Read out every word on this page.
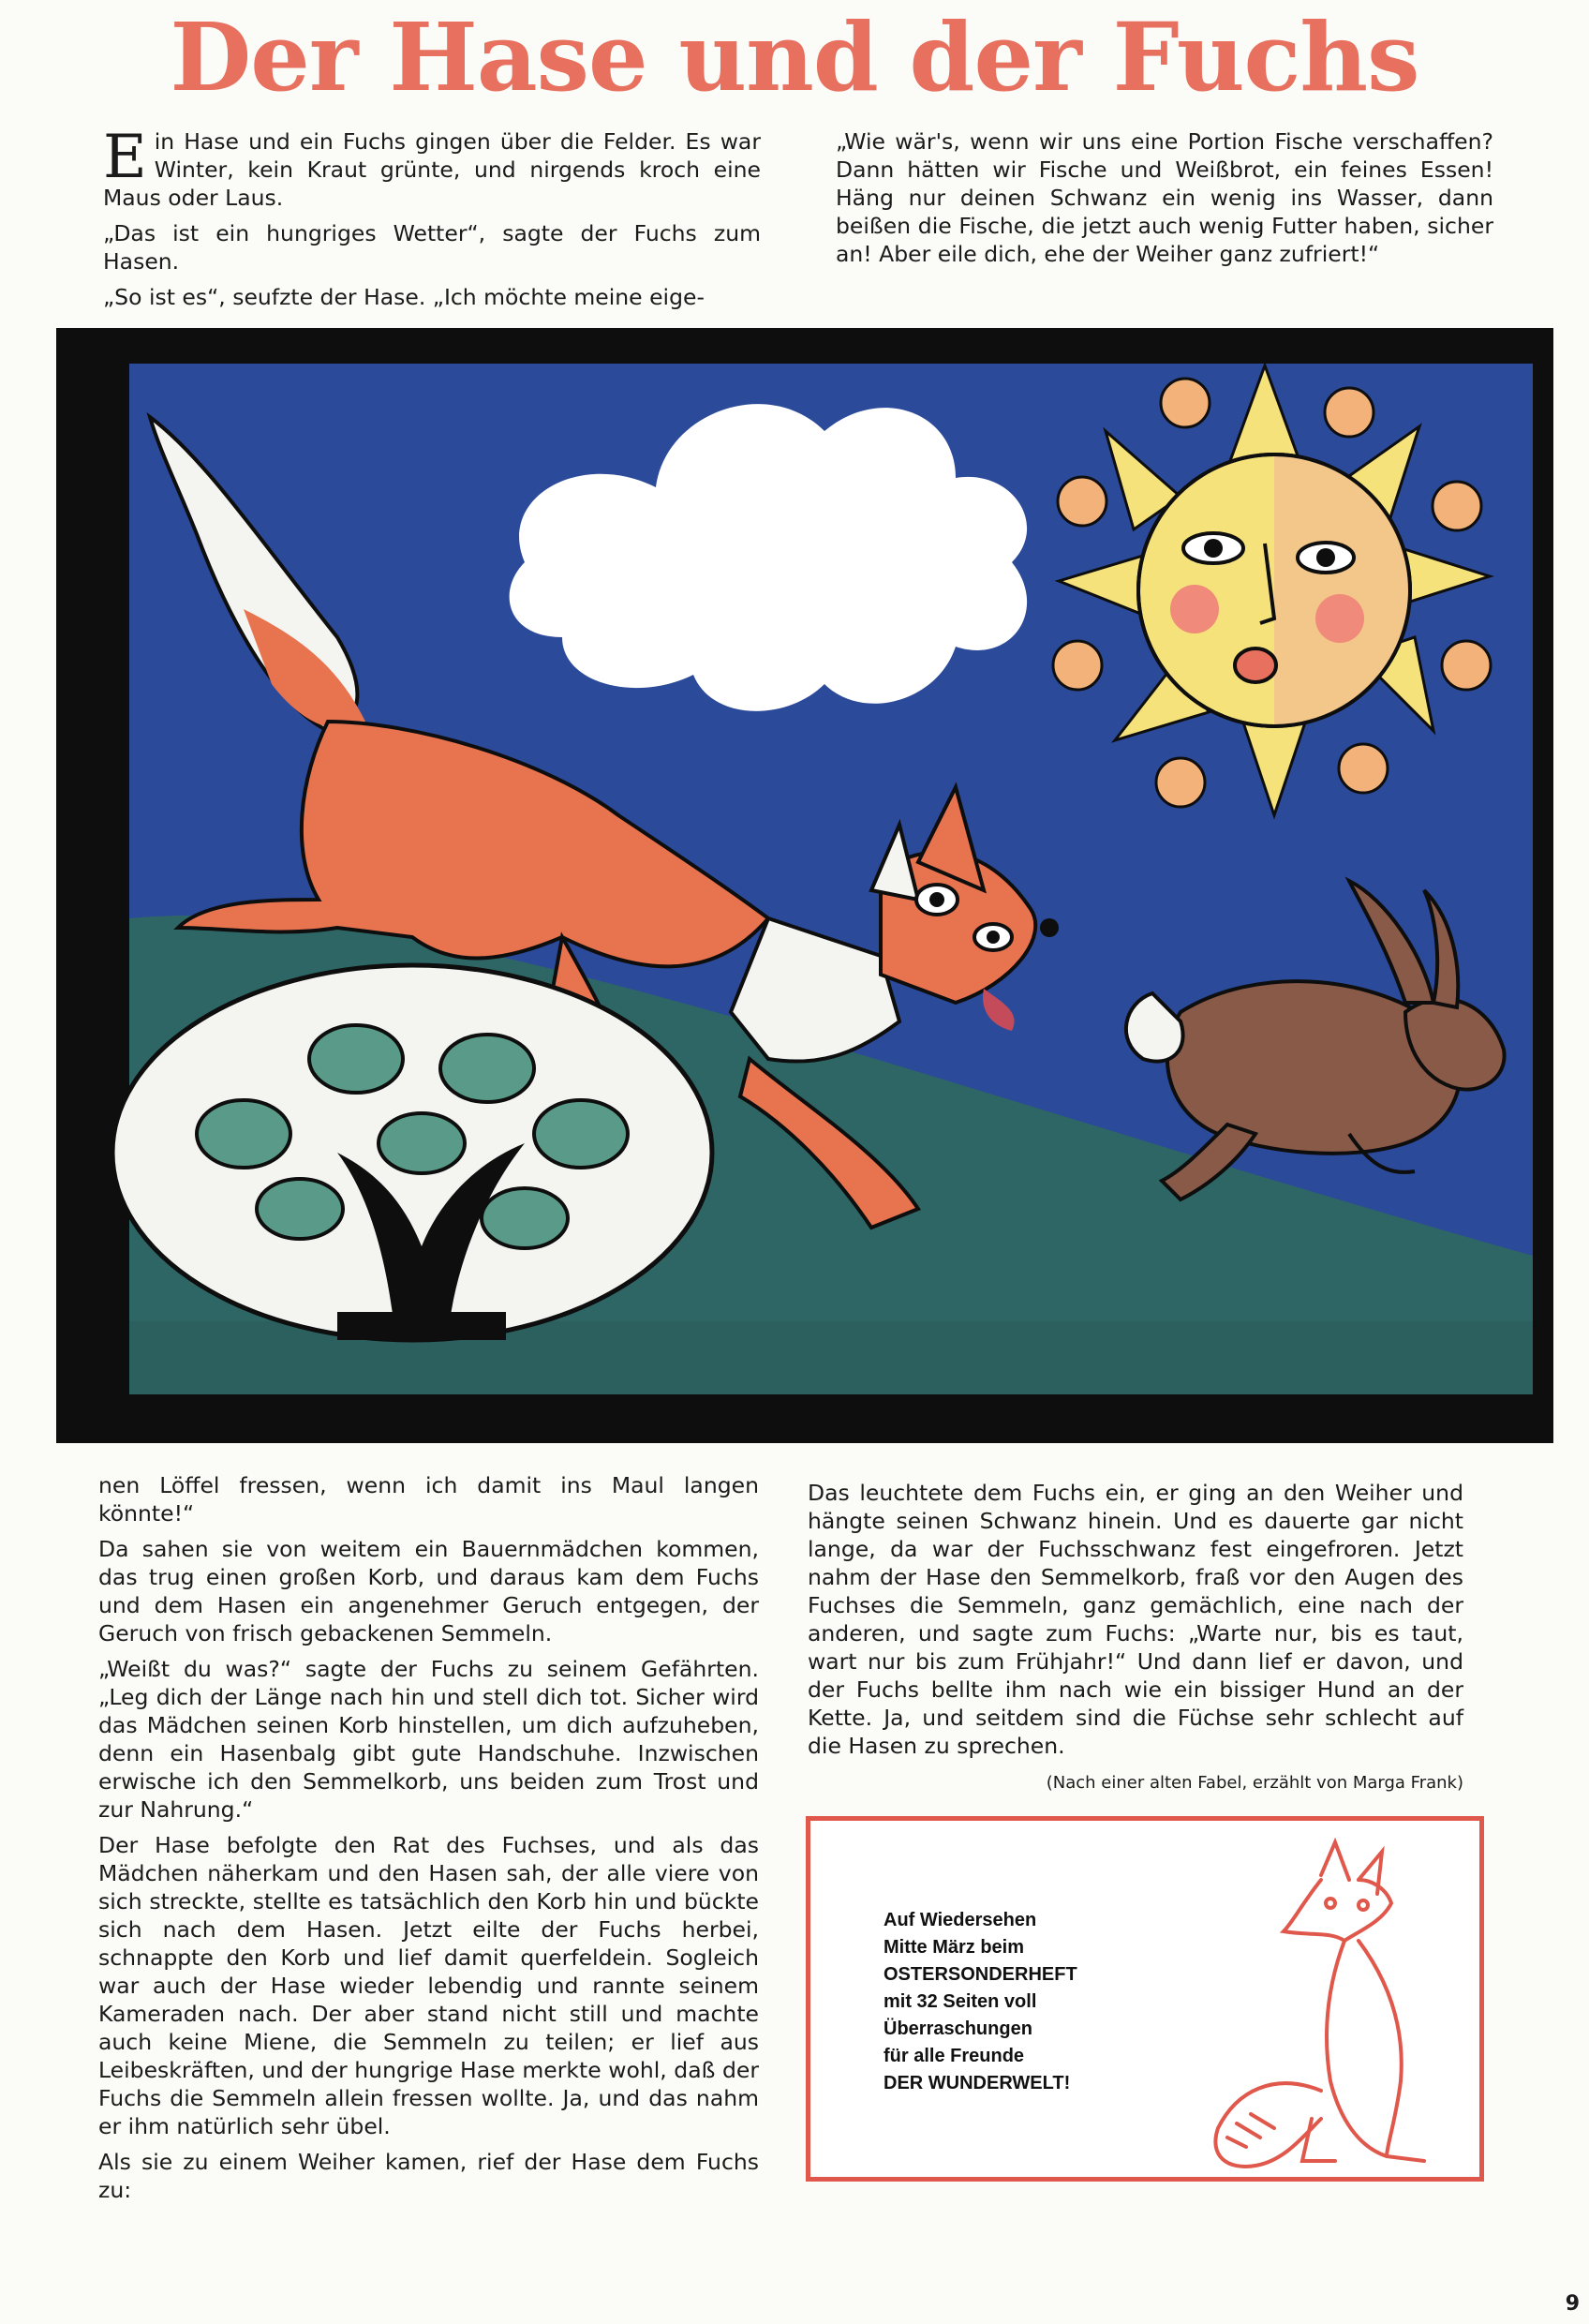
Der Hase und der Fuchs

Ein Hase und ein Fuchs gingen über die Felder. Es war Winter, kein Kraut grünte, und nirgends kroch eine Maus oder Laus.

„Das ist ein hungriges Wetter“, sagte der Fuchs zum Hasen.

„So ist es“, seufzte der Hase. „Ich möchte meine eige-

„Wie wär's, wenn wir uns eine Portion Fische verschaffen? Dann hätten wir Fische und Weißbrot, ein feines Essen! Häng nur deinen Schwanz ein wenig ins Wasser, dann beißen die Fische, die jetzt auch wenig Futter haben, sicher an! Aber eile dich, ehe der Weiher ganz zufriert!“

nen Löffel fressen, wenn ich damit ins Maul langen könnte!“

Da sahen sie von weitem ein Bauernmädchen kommen, das trug einen großen Korb, und daraus kam dem Fuchs und dem Hasen ein angenehmer Geruch entgegen, der Geruch von frisch gebackenen Semmeln.

„Weißt du was?“ sagte der Fuchs zu seinem Gefährten. „Leg dich der Länge nach hin und stell dich tot. Sicher wird das Mädchen seinen Korb hinstellen, um dich aufzuheben, denn ein Hasenbalg gibt gute Handschuhe. Inzwischen erwische ich den Semmelkorb, uns beiden zum Trost und zur Nahrung.“

Der Hase befolgte den Rat des Fuchses, und als das Mädchen näherkam und den Hasen sah, der alle viere von sich streckte, stellte es tatsächlich den Korb hin und bückte sich nach dem Hasen. Jetzt eilte der Fuchs herbei, schnappte den Korb und lief damit querfeldein. Sogleich war auch der Hase wieder lebendig und rannte seinem Kameraden nach. Der aber stand nicht still und machte auch keine Miene, die Semmeln zu teilen; er lief aus Leibeskräften, und der hungrige Hase merkte wohl, daß der Fuchs die Semmeln allein fressen wollte. Ja, und das nahm er ihm natürlich sehr übel.

Als sie zu einem Weiher kamen, rief der Hase dem Fuchs zu:

Das leuchtete dem Fuchs ein, er ging an den Weiher und hängte seinen Schwanz hinein. Und es dauerte gar nicht lange, da war der Fuchsschwanz fest eingefroren. Jetzt nahm der Hase den Semmelkorb, fraß vor den Augen des Fuchses die Semmeln, ganz gemächlich, eine nach der anderen, und sagte zum Fuchs: „Warte nur, bis es taut, wart nur bis zum Frühjahr!“ Und dann lief er davon, und der Fuchs bellte ihm nach wie ein bissiger Hund an der Kette. Ja, und seitdem sind die Füchse sehr schlecht auf die Hasen zu sprechen.

(Nach einer alten Fabel, erzählt von Marga Frank)
Auf Wiedersehen
Mitte März beim
OSTERSONDERHEFT
mit 32 Seiten voll
Überraschungen
für alle Freunde
DER WUNDERWELT!
9
